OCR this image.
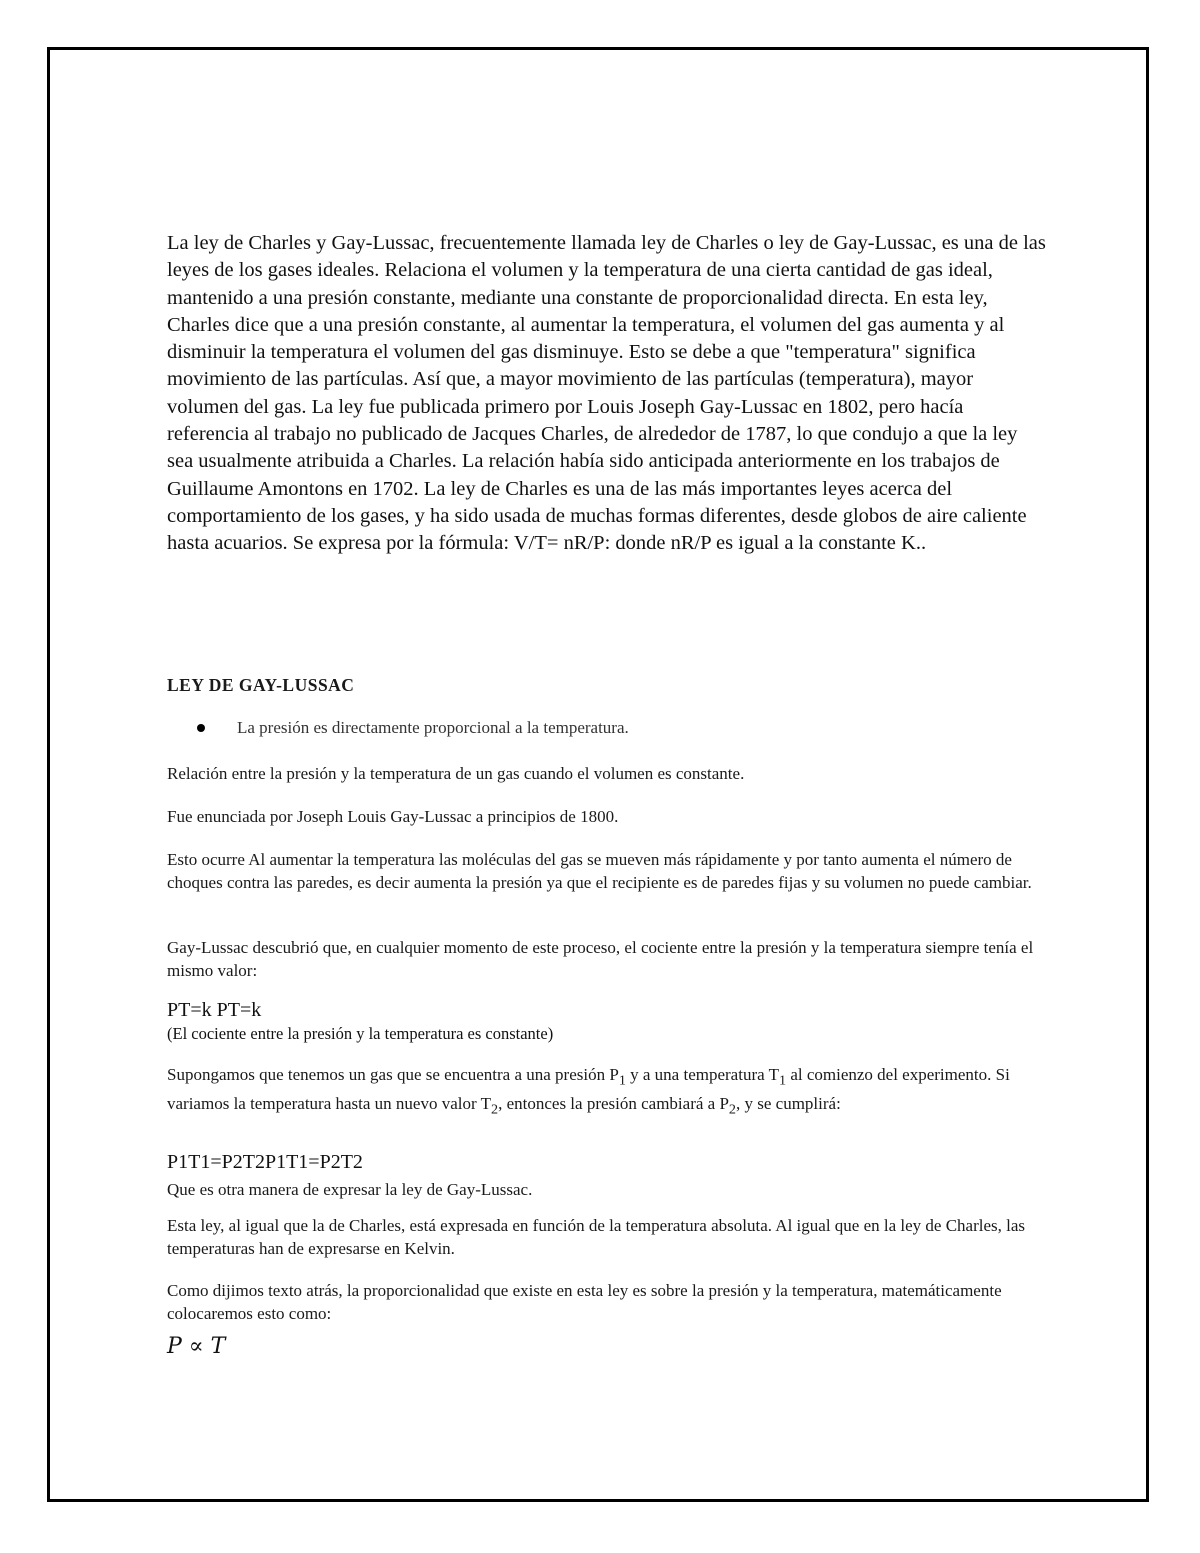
La ley de Charles y Gay-Lussac, frecuentemente llamada ley de Charles o ley de Gay-Lussac, es una de las leyes de los gases ideales. Relaciona el volumen y la temperatura de una cierta cantidad de gas ideal, mantenido a una presión constante, mediante una constante de proporcionalidad directa. En esta ley, Charles dice que a una presión constante, al aumentar la temperatura, el volumen del gas aumenta y al disminuir la temperatura el volumen del gas disminuye. Esto se debe a que "temperatura" significa movimiento de las partículas. Así que, a mayor movimiento de las partículas (temperatura), mayor volumen del gas. La ley fue publicada primero por Louis Joseph Gay-Lussac en 1802, pero hacía referencia al trabajo no publicado de Jacques Charles, de alrededor de 1787, lo que condujo a que la ley sea usualmente atribuida a Charles. La relación había sido anticipada anteriormente en los trabajos de Guillaume Amontons en 1702. La ley de Charles es una de las más importantes leyes acerca del comportamiento de los gases, y ha sido usada de muchas formas diferentes, desde globos de aire caliente hasta acuarios. Se expresa por la fórmula: V/T= nR/P: donde nR/P es igual a la constante K..

LEY DE GAY-LUSSAC
La presión es directamente proporcional a la temperatura.

Relación entre la presión y la temperatura de un gas cuando el volumen es constante.

Fue enunciada por Joseph Louis Gay-Lussac a principios de 1800.

Esto ocurre Al aumentar la temperatura las moléculas del gas se mueven más rápidamente y por tanto aumenta el número de choques contra las paredes, es decir aumenta la presión ya que el recipiente es de paredes fijas y su volumen no puede cambiar.

Gay-Lussac descubrió que, en cualquier momento de este proceso, el cociente entre la presión y la temperatura siempre tenía el mismo valor:

PT=k PT=k

(El cociente entre la presión y la temperatura es constante)

Supongamos que tenemos un gas que se encuentra a una presión $P_1$ y a una temperatura $T_1$ al comienzo del experimento. Si variamos la temperatura hasta un nuevo valor $T_2$, entonces la presión cambiará a $P_2$, y se cumplirá:

P1T1=P2T2P1T1=P2T2

Que es otra manera de expresar la ley de Gay-Lussac.

Esta ley, al igual que la de Charles, está expresada en función de la temperatura absoluta. Al igual que en la ley de Charles, las temperaturas han de expresarse en Kelvin.

Como dijimos texto atrás, la proporcionalidad que existe en esta ley es sobre la presión y la temperatura, matemáticamente colocaremos esto como:

P ∝ T
